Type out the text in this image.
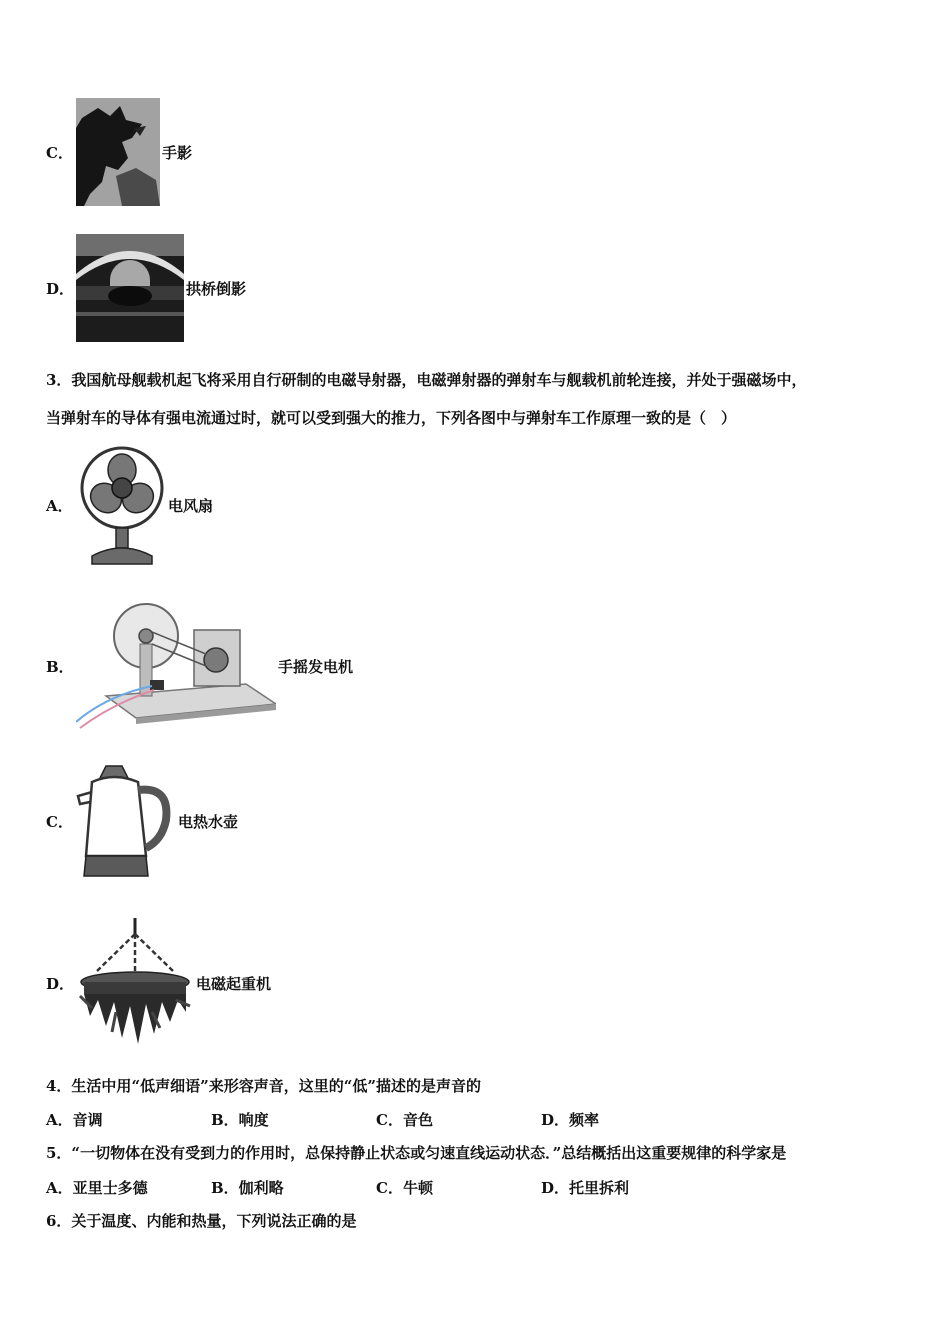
C．	手影
D．	拱桥倒影
3．我国航母舰载机起飞将采用自行研制的电磁导射器，电磁弹射器的弹射车与舰载机前轮连接，并处于强磁场中，
当弹射车的导体有强电流通过时，就可以受到强大的推力，下列各图中与弹射车工作原理一致的是（　）
A．	电风扇
B．	手摇发电机
C．	电热水壶
D．	电磁起重机
4．生活中用“低声细语”来形容声音，这里的“低”描述的是声音的
A．音调	B．响度	C．音色	D．频率
5．“一切物体在没有受到力的作用时，总保持静止状态或匀速直线运动状态．”总结概括出这重要规律的科学家是
A．亚里士多德	B．伽利略	C．牛顿	D．托里拆利
6．关于温度、内能和热量，下列说法正确的是
